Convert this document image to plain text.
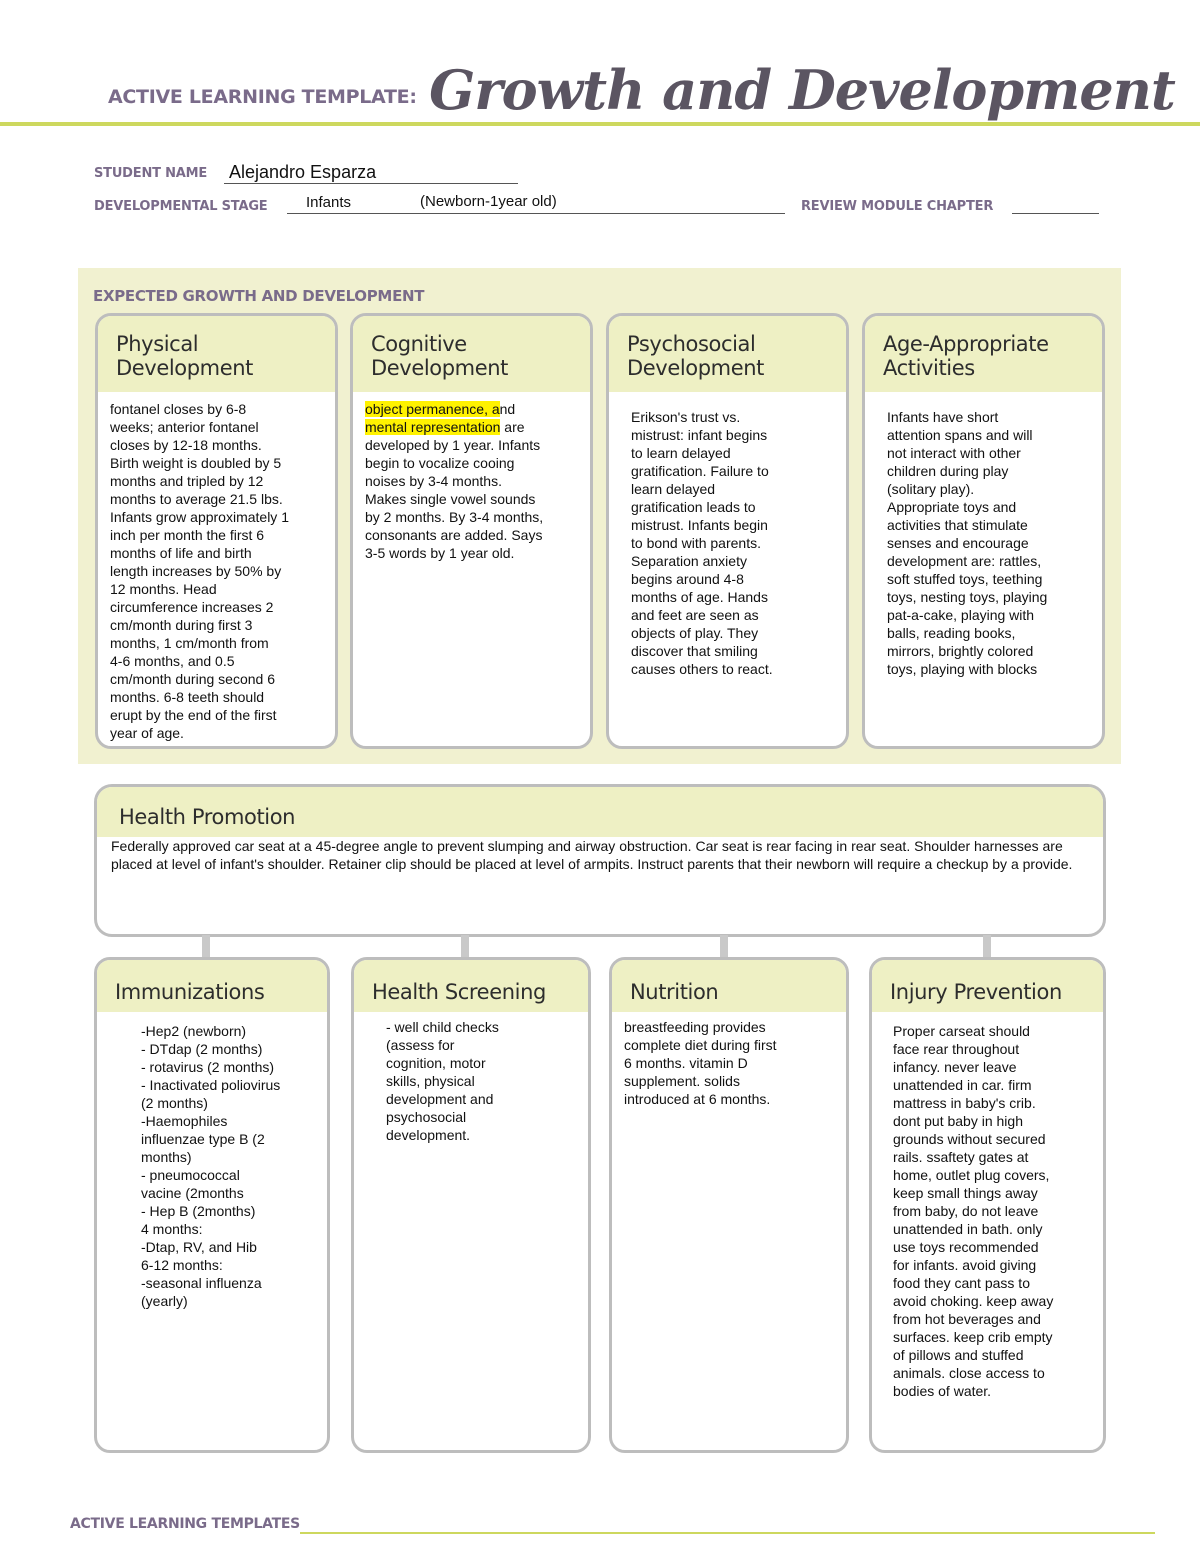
ACTIVE LEARNING TEMPLATE: Growth and Development
STUDENT NAME Alejandro Esparza
DEVELOPMENTAL STAGE	Infants	(Newborn-1year old)	REVIEW MODULE CHAPTER
EXPECTED GROWTH AND DEVELOPMENT
Physical
Development
fontanel closes by 6-8
weeks; anterior fontanel
closes by 12-18 months.
Birth weight is doubled by 5
months and tripled by 12
months to average 21.5 lbs.
Infants grow approximately 1
inch per month the first 6
months of life and birth
length increases by 50% by
12 months. Head
circumference increases 2
cm/month during first 3
months, 1 cm/month from
4-6 months, and 0.5
cm/month during second 6
months. 6-8 teeth should
erupt by the end of the first
year of age.
Cognitive
Development
object permanence, and
mental representation are
developed by 1 year. Infants
begin to vocalize cooing
noises by 3-4 months.
Makes single vowel sounds
by 2 months. By 3-4 months,
consonants are added. Says
3-5 words by 1 year old.
Psychosocial
Development
Erikson's trust vs.
mistrust: infant begins
to learn delayed
gratification. Failure to
learn delayed
gratification leads to
mistrust. Infants begin
to bond with parents.
Separation anxiety
begins around 4-8
months of age. Hands
and feet are seen as
objects of play. They
discover that smiling
causes others to react.
Age-Appropriate
Activities
Infants have short
attention spans and will
not interact with other
children during play
(solitary play).
Appropriate toys and
activities that stimulate
senses and encourage
development are: rattles,
soft stuffed toys, teething
toys, nesting toys, playing
pat-a-cake, playing with
balls, reading books,
mirrors, brightly colored
toys, playing with blocks
Health Promotion
Federally approved car seat at a 45-degree angle to prevent slumping and airway obstruction. Car seat is rear facing in rear seat. Shoulder harnesses are placed at level of infant's shoulder. Retainer clip should be placed at level of armpits. Instruct parents that their newborn will require a checkup by a provide.
Immunizations
-Hep2 (newborn)
- DTdap (2 months)
- rotavirus (2 months)
- Inactivated poliovirus
(2 months)
-Haemophiles
influenzae type B (2
months)
- pneumococcal
vacine (2months
- Hep B (2months)
4 months:
-Dtap, RV, and Hib
6-12 months:
-seasonal influenza
(yearly)
Health Screening
- well child checks
(assess for
cognition, motor
skills, physical
development and
psychosocial
development.
Nutrition
breastfeeding provides
complete diet during first
6 months. vitamin D
supplement. solids
introduced at 6 months.
Injury Prevention
Proper carseat should
face rear throughout
infancy. never leave
unattended in car. firm
mattress in baby's crib.
dont put baby in high
grounds without secured
rails. ssaftety gates at
home, outlet plug covers,
keep small things away
from baby, do not leave
unattended in bath. only
use toys recommended
for infants. avoid giving
food they cant pass to
avoid choking. keep away
from hot beverages and
surfaces. keep crib empty
of pillows and stuffed
animals. close access to
bodies of water.
ACTIVE LEARNING TEMPLATES
